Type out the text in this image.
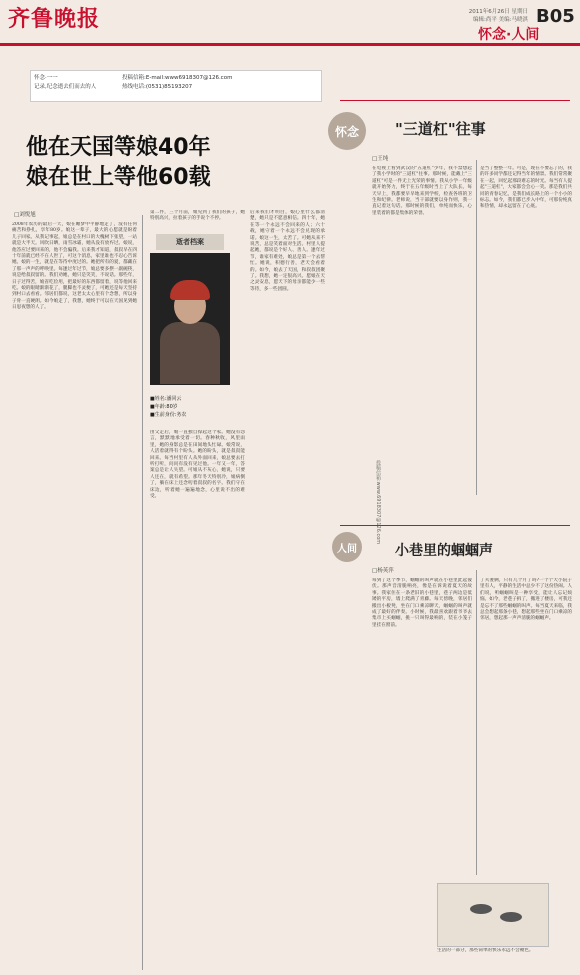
齐鲁晚报	2011年6月26日 星期日
编辑:尚平 美编:马晓淇 B05
怀念·人间
怀念·一一
记录,纪念逝去们而去的人
投稿信箱:E-mail:www6918307@126.com
热线电话:(0531)85193207
怀念
他在天国等娘40年
娘在世上等他60载
□刘悦旭
2008年农历的最后一天，娘在睡梦中平静地走了，没有任何痛苦和挣扎，享年80岁。娘这一辈子，最大的心愿就是盼着儿子回家。从我记事起，娘总是在村口的大槐树下张望，一站就是大半天。风吹日晒，雨雪冰霜，她从没有放弃过。娘说，他答应过要回来的，他不会骗我。后来我才知道，叔叔早在四十年前就已经不在人世了，可这个消息，家里谁也不忍心告诉她。娘的一生，就是在等待中度过的。她把所有的爱，都藏在了那一声声的呼唤里。每逢过年过节，娘总要多摆一副碗筷，说是给叔叔留的。我们劝她，她只是笑笑，不说话。那些年，日子过得苦，娘省吃俭用，把最好的东西都留着，说等他回来吃。娘的眼睛渐渐花了，腿脚也不灵便了，可她还是每天坚持到村口去看看。邻居们都说，这老太太心里有个念想，所以身子骨一直硬朗。如今娘走了，我想，她终于可以在天国见到她日思夜想的人了。
第二件，三个月前，娘见到了我们的孩子，她特别高兴，拉着孩子的手说个不停。
逝者档案
■姓名:潘同云
■年龄:80岁
■生前身份:务农
由父走后，娘一直独自撑起这个家。她没有怨言，默默地承受着一切。春种秋收，风里雨里，她的身影总是在田间地头忙碌。娘常说，人活着就得有个盼头。她的盼头，就是叔叔能回来。每当村里有人从外面回来，娘总要去打听打听，问问有没有见过他。一年又一年，答案总是让人失望。可娘从不灰心，她说，只要人还在，就有希望。那年冬天特别冷，娘病倒了，躺在床上还念叨着叔叔的名字。我们守在床边，听着她一遍遍地念，心里说不出的难受。
后来我们才明白，娘心里什么都清楚，她只是不愿意相信。四十年，她在等一个永远不会回来的人；六十载，她守着一个永远不会兑现的承诺。娘这一生，太苦了。可她从来不说苦，总是笑着面对生活。村里人提起她，都说是个好人、善人。逢年过节，谁家有难处，娘总是第一个去帮忙。她说，积德行善，老天会看着的。如今，娘去了天国，和叔叔团聚了。我想，她一定很高兴。愿娘在天之灵安息，愿天下的母亲都能少一些等待，多一些团圆。
"三道杠"往事
□王纯
在电视上看到武汉的"五道杠"少年，我不禁想起了我小学时的"三道杠"往事。那时候，能戴上"三道杠"可是一件无上光荣的事情。我从小学一年级就开始努力，终于在五年级时当上了大队长。每天早上，我都要早早地来到学校，检查各班的卫生和纪律。老师说，当干部就要以身作则，我一直记着这句话。那时候的我们，单纯而快乐，心里装着的都是集体的荣誉。
是当了整整一年。可是，现在不要忘了的，我的许多同学都还记得当年的情景。我们常常聚在一起，回忆起那段难忘的时光。每当有人提起"三道杠"，大家都会会心一笑。那是我们共同的青春记忆，是我们成长路上的一个小小的标志。如今，我们都已步入中年，可那份纯真和热情，却永远留在了心底。
投稿信箱:www.6918307@126.com
人间	小巷里的蝈蝈声
□杨英萍
每到了这个季节，蝈蝈的叫声就在小巷里此起彼伏。那声音清脆响亮，像是在诉说着夏天的故事。我家住在一条老旧的小巷里，巷子两边是低矮的平房，墙上爬满了青藤。每天傍晚，邻居们搬出小板凳，坐在门口乘凉聊天，蝈蝈的叫声就成了最好的伴奏。小时候，我最喜欢跟着爷爷去集市上买蝈蝈，挑一只叫得最响的，装在小笼子里挂在窗前。
了夫妻俩，只有几个月了吗?一个个大小院子里有人，平静的生活中总少不了这份热闹。人们说，听蝈蝈叫是一种享受，能让人忘记烦恼。如今，老巷子拆了，搬进了楼房，可我还是忘不了那些蝈蝈的叫声。每当夏天来临，我总会想起那条小巷，想起那些坐在门口乘凉的邻居，想起那一声声清脆的蝈蝈声。
生活的一部分，那些简单的快乐永远不会褪色。
